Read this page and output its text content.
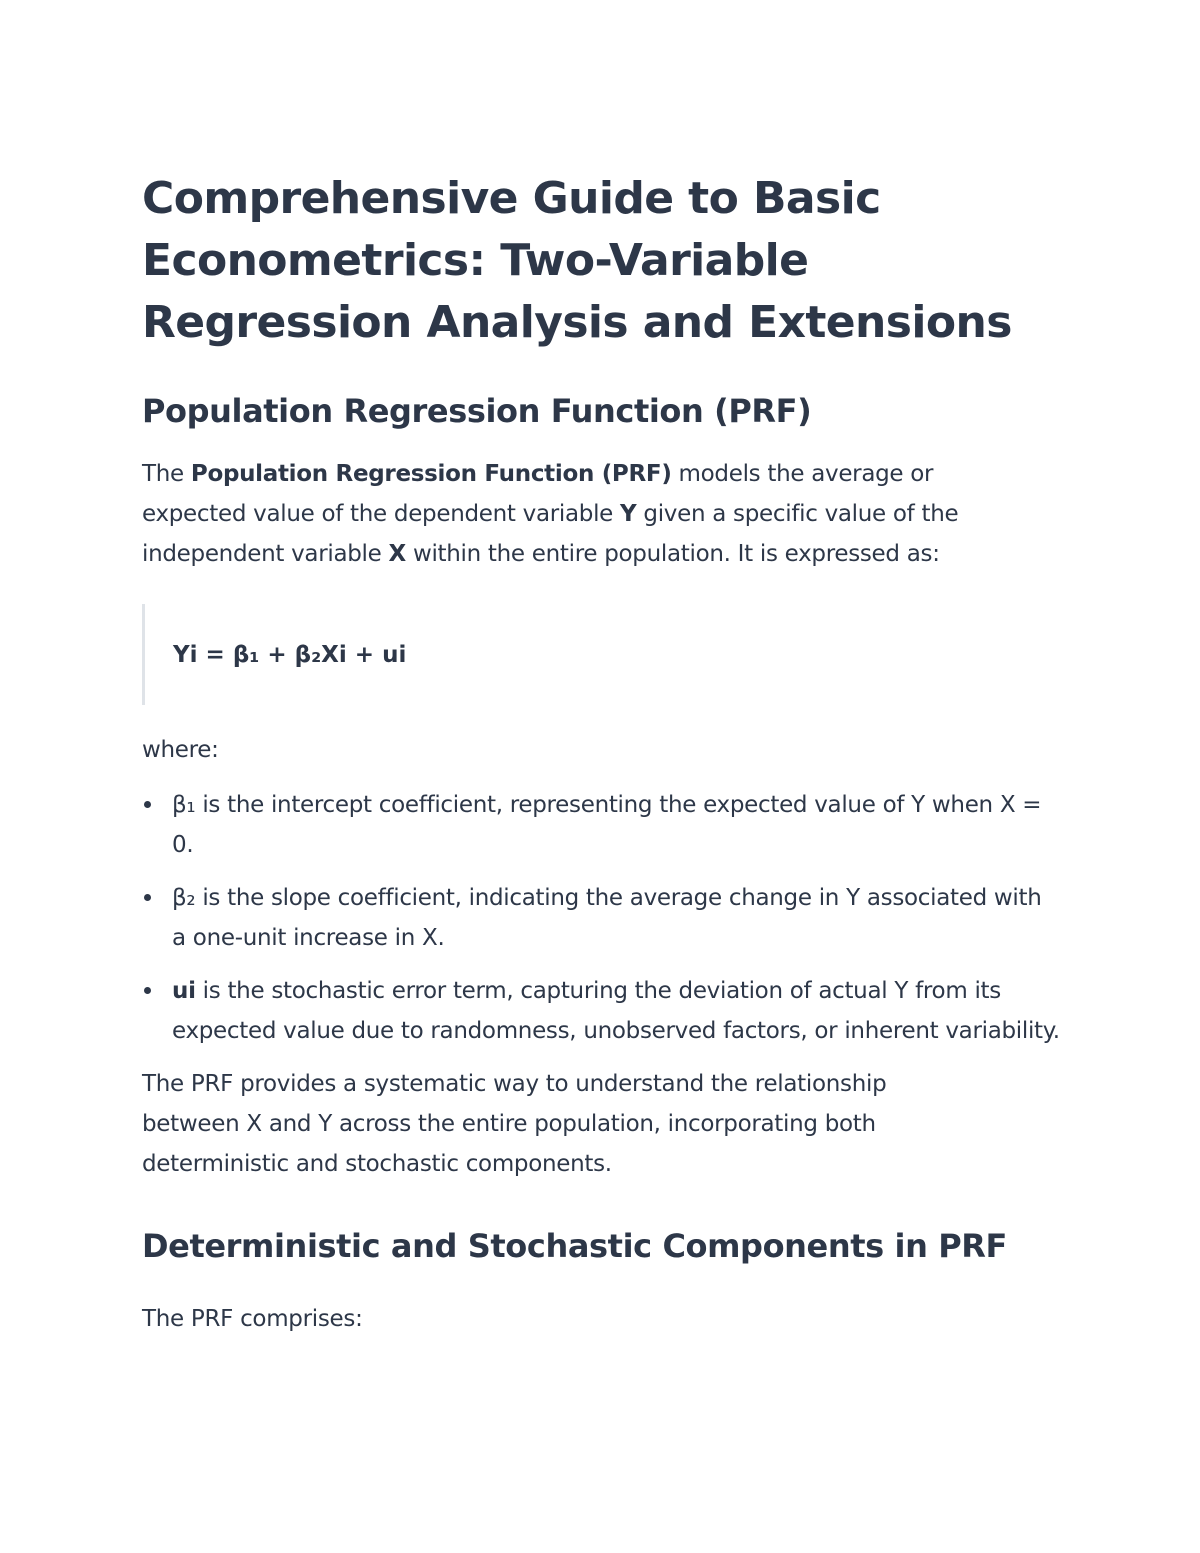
Comprehensive Guide to Basic Econometrics: Two-Variable Regression Analysis and Extensions
Population Regression Function (PRF)

The Population Regression Function (PRF) models the average or expected value of the dependent variable Y given a specific value of the independent variable X within the entire population. It is expressed as:

Yi = β₁ + β₂Xi + ui

where:

β₁ is the intercept coefficient, representing the expected value of Y when X = 0.
β₂ is the slope coefficient, indicating the average change in Y associated with a one-unit increase in X.
ui is the stochastic error term, capturing the deviation of actual Y from its expected value due to randomness, unobserved factors, or inherent variability.

The PRF provides a systematic way to understand the relationship between X and Y across the entire population, incorporating both deterministic and stochastic components.

Deterministic and Stochastic Components in PRF

The PRF comprises:
